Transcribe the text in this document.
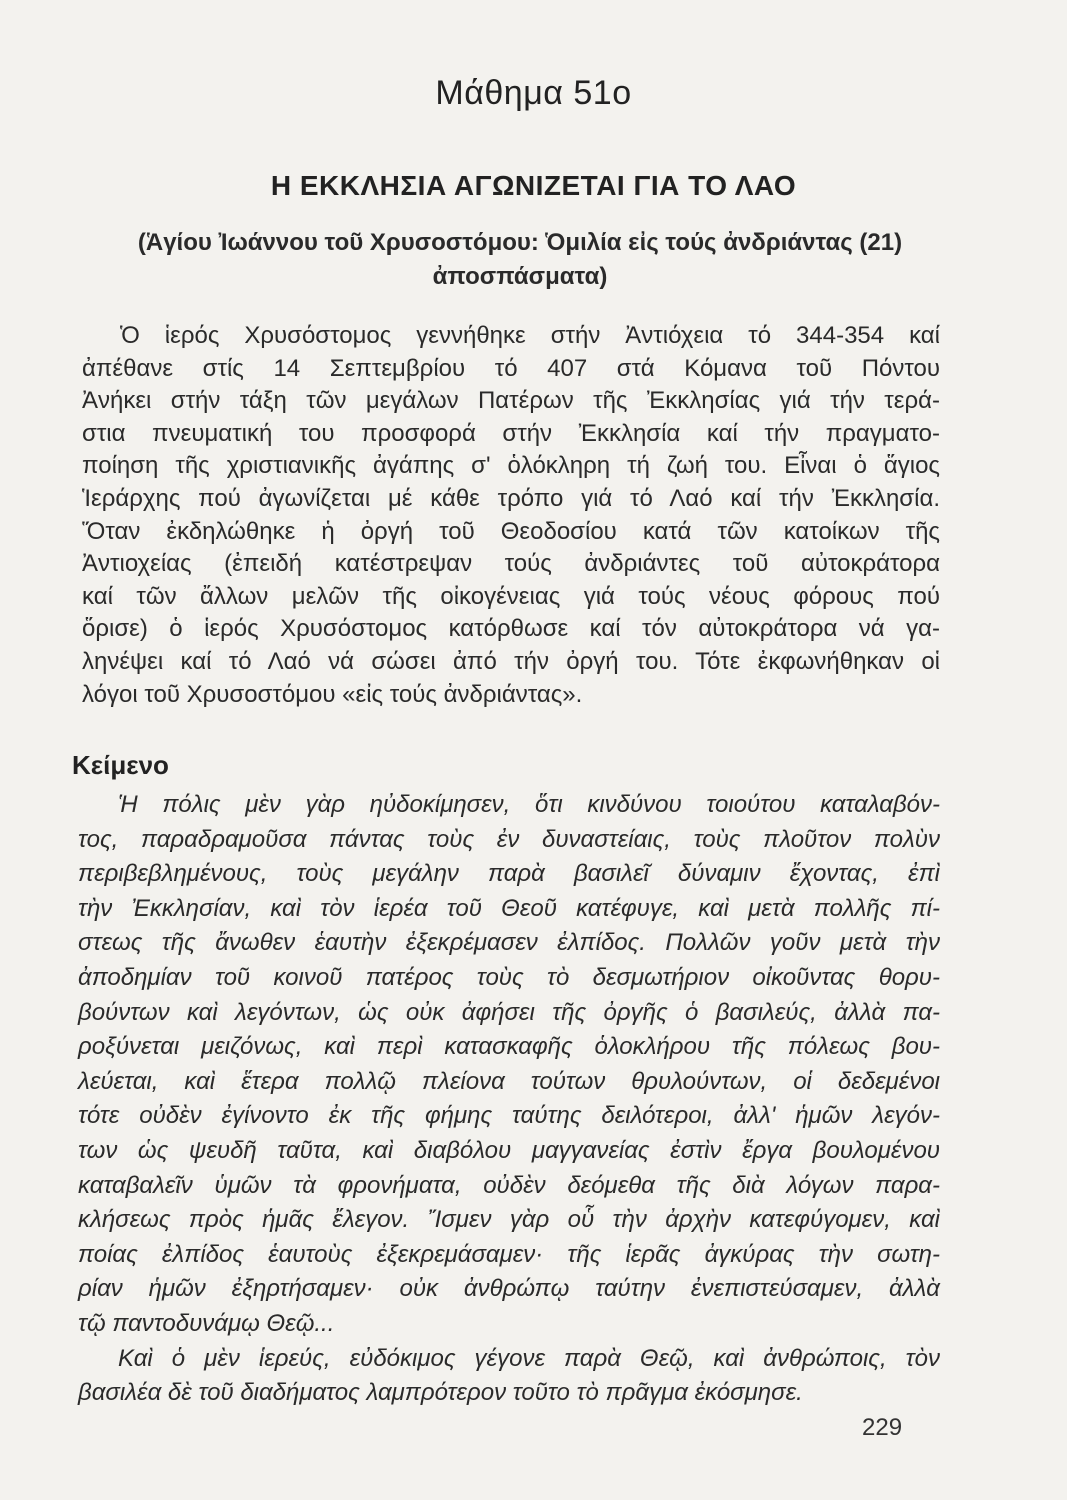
Μάθημα 51ο
Η ΕΚΚΛΗΣΙΑ ΑΓΩΝΙΖΕΤΑΙ ΓΙΑ ΤΟ ΛΑΟ

(Ἁγίου Ἰωάννου τοῦ Χρυσοστόμου: Ὁμιλία εἰς τούς ἀνδριάντας (21)
ἀποσπάσματα)

Ὁ ἱερός Χρυσόστομος γεννήθηκε στήν Ἀντιόχεια τό 344-354 καί
ἀπέθανε στίς 14 Σεπτεμβρίου τό 407 στά Κόμανα τοῦ Πόντου
Ἀνήκει στήν τάξη τῶν μεγάλων Πατέρων τῆς Ἐκκλησίας γιά τήν τερά-
στια πνευματική του προσφορά στήν Ἐκκλησία καί τήν πραγματο-
ποίηση τῆς χριστιανικῆς ἀγάπης σ' ὁλόκληρη τή ζωή του. Εἶναι ὁ ἅγιος
Ἱεράρχης πού ἀγωνίζεται μέ κάθε τρόπο γιά τό Λαό καί τήν Ἐκκλησία.
Ὅταν ἐκδηλώθηκε ἡ ὀργή τοῦ Θεοδοσίου κατά τῶν κατοίκων τῆς
Ἀντιοχείας (ἐπειδή κατέστρεψαν τούς ἀνδριάντες τοῦ αὐτοκράτορα
καί τῶν ἄλλων μελῶν τῆς οἰκογένειας γιά τούς νέους φόρους πού
ὅρισε) ὁ ἱερός Χρυσόστομος κατόρθωσε καί τόν αὐτοκράτορα νά γα-
ληνέψει καί τό Λαό νά σώσει ἀπό τήν ὀργή του. Τότε ἐκφωνήθηκαν οἱ
λόγοι τοῦ Χρυσοστόμου «εἰς τούς ἀνδριάντας».
Κείμενο
Ἡ πόλις μὲν γὰρ ηὐδοκίμησεν, ὅτι κινδύνου τοιούτου καταλαβόν-
τος, παραδραμοῦσα πάντας τοὺς ἐν δυναστείαις, τοὺς πλοῦτον πολὺν
περιβεβλημένους, τοὺς μεγάλην παρὰ βασιλεῖ δύναμιν ἔχοντας, ἐπὶ
τὴν Ἐκκλησίαν, καὶ τὸν ἱερέα τοῦ Θεοῦ κατέφυγε, καὶ μετὰ πολλῆς πί-
στεως τῆς ἄνωθεν ἑαυτὴν ἐξεκρέμασεν ἐλπίδος. Πολλῶν γοῦν μετὰ τὴν
ἀποδημίαν τοῦ κοινοῦ πατέρος τοὺς τὸ δεσμωτήριον οἰκοῦντας θορυ-
βούντων καὶ λεγόντων, ὡς οὐκ ἀφήσει τῆς ὀργῆς ὁ βασιλεύς, ἀλλὰ πα-
ροξύνεται μειζόνως, καὶ περὶ κατασκαφῆς ὁλοκλήρου τῆς πόλεως βου-
λεύεται, καὶ ἕτερα πολλῷ πλείονα τούτων θρυλούντων, οἱ δεδεμένοι
τότε οὐδὲν ἐγίνοντο ἐκ τῆς φήμης ταύτης δειλότεροι, ἀλλ' ἡμῶν λεγόν-
των ὡς ψευδῆ ταῦτα, καὶ διαβόλου μαγγανείας ἐστὶν ἔργα βουλομένου
καταβαλεῖν ὑμῶν τὰ φρονήματα, οὐδὲν δεόμεθα τῆς διὰ λόγων παρα-
κλήσεως πρὸς ἡμᾶς ἔλεγον. Ἴσμεν γὰρ οὗ τὴν ἀρχὴν κατεφύγομεν, καὶ
ποίας ἐλπίδος ἑαυτοὺς ἐξεκρεμάσαμεν· τῆς ἱερᾶς ἀγκύρας τὴν σωτη-
ρίαν ἡμῶν ἐξηρτήσαμεν· οὐκ ἀνθρώπῳ ταύτην ἐνεπιστεύσαμεν, ἀλλὰ
τῷ παντοδυνάμῳ Θεῷ...
Καὶ ὁ μὲν ἱερεύς, εὐδόκιμος γέγονε παρὰ Θεῷ, καὶ ἀνθρώποις, τὸν
βασιλέα δὲ τοῦ διαδήματος λαμπρότερον τοῦτο τὸ πρᾶγμα ἐκόσμησε.

229
